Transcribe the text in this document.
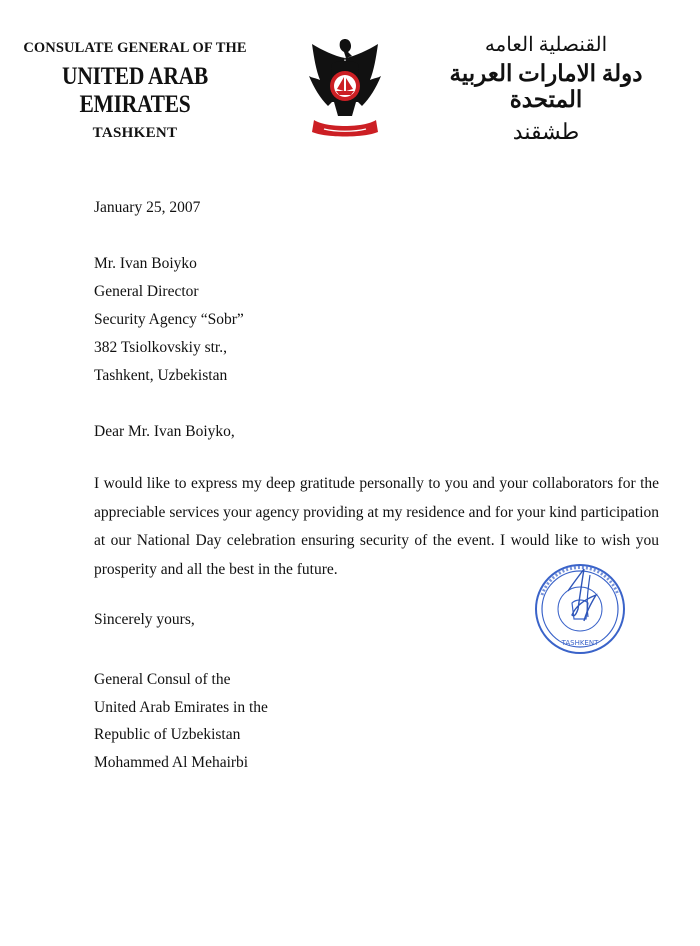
CONSULATE GENERAL OF THE
UNITED ARAB EMIRATES
TASHKENT
القنصلية العامه
دولة الامارات العربية المتحدة
طشقند
January 25, 2007
Mr. Ivan Boiyko
General Director
Security Agency “Sobr”
382 Tsiolkovskiy str.,
Tashkent, Uzbekistan
Dear Mr. Ivan Boiyko,
I would like to express my deep gratitude personally to you and your collaborators for the appreciable services your agency providing at my residence and for your kind participation at our National Day celebration ensuring security of the event. I would like to wish you prosperity and all the best in the future.
Sincerely yours,
TASHKENT
General Consul of the
United Arab Emirates in the
Republic of Uzbekistan
Mohammed Al Mehairbi
